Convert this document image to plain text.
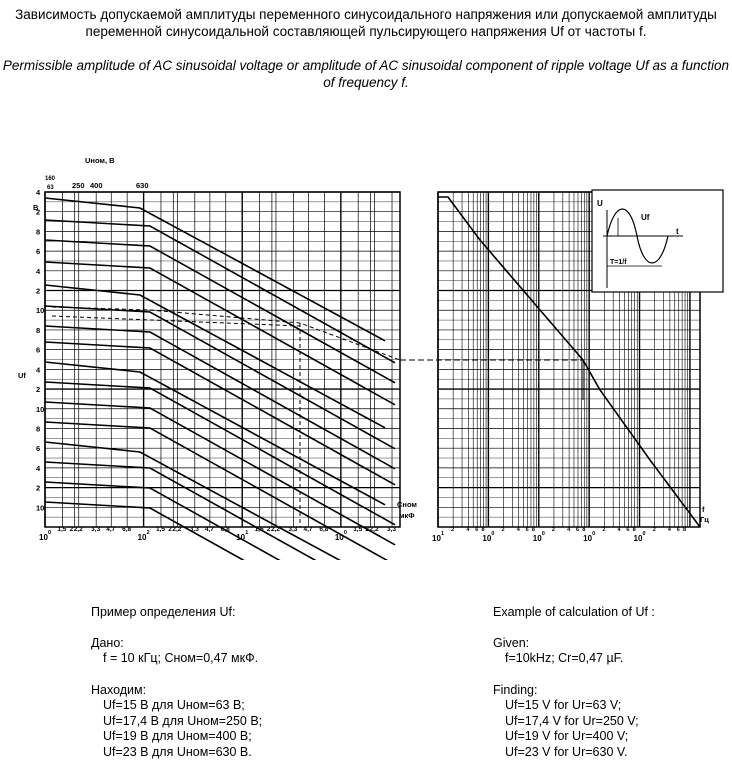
Зависимость допускаемой амплитуды переменного синусоидального напряжения или допускаемой амплитуды переменной синусоидальной составляющей пульсирующего напряжения Uf от частоты f.
Permissible amplitude of AC sinusoidal voltage or amplitude of AC sinusoidal component of ripple voltage Uf as a function of frequency f.
4
2
8
6
4
2
10
8
6
4
2
10
8
6
4
2
10
10 0 1,5 2 2,2 3,3 4,7 6,8
10 2 1,5 2 2,2 3,3 4,7 6,8
10 1 1,5 2 2,2 3,3 4,7 6,8
10 0 1,5 2 2,2 3,3
10 1
2 4 6 8
10 0
2 4 6 8
10 0
2 4 6 8
10 0
2 4 6 8
10 0
2 4 6 8
U
Uf
t
T=1/f
Uном, В
160
63 250 400	630
В
Uf
Сном
мкФ
f
Гц
Пример определения Uf:
Дано:
f = 10 кГц; Сном=0,47 мкФ.
Находим:
Uf=15 В для Uном=63 В;
Uf=17,4 В для Uном=250 В;
Uf=19 В для Uном=400 В;
Uf=23 В для Uном=630 В.
Example of calculation of Uf :
Given:
f=10kHz; Cr=0,47 µF.
Finding:
Uf=15 V for Ur=63 V;
Uf=17,4 V for Ur=250 V;
Uf=19 V for Ur=400 V;
Uf=23 V for Ur=630 V.
